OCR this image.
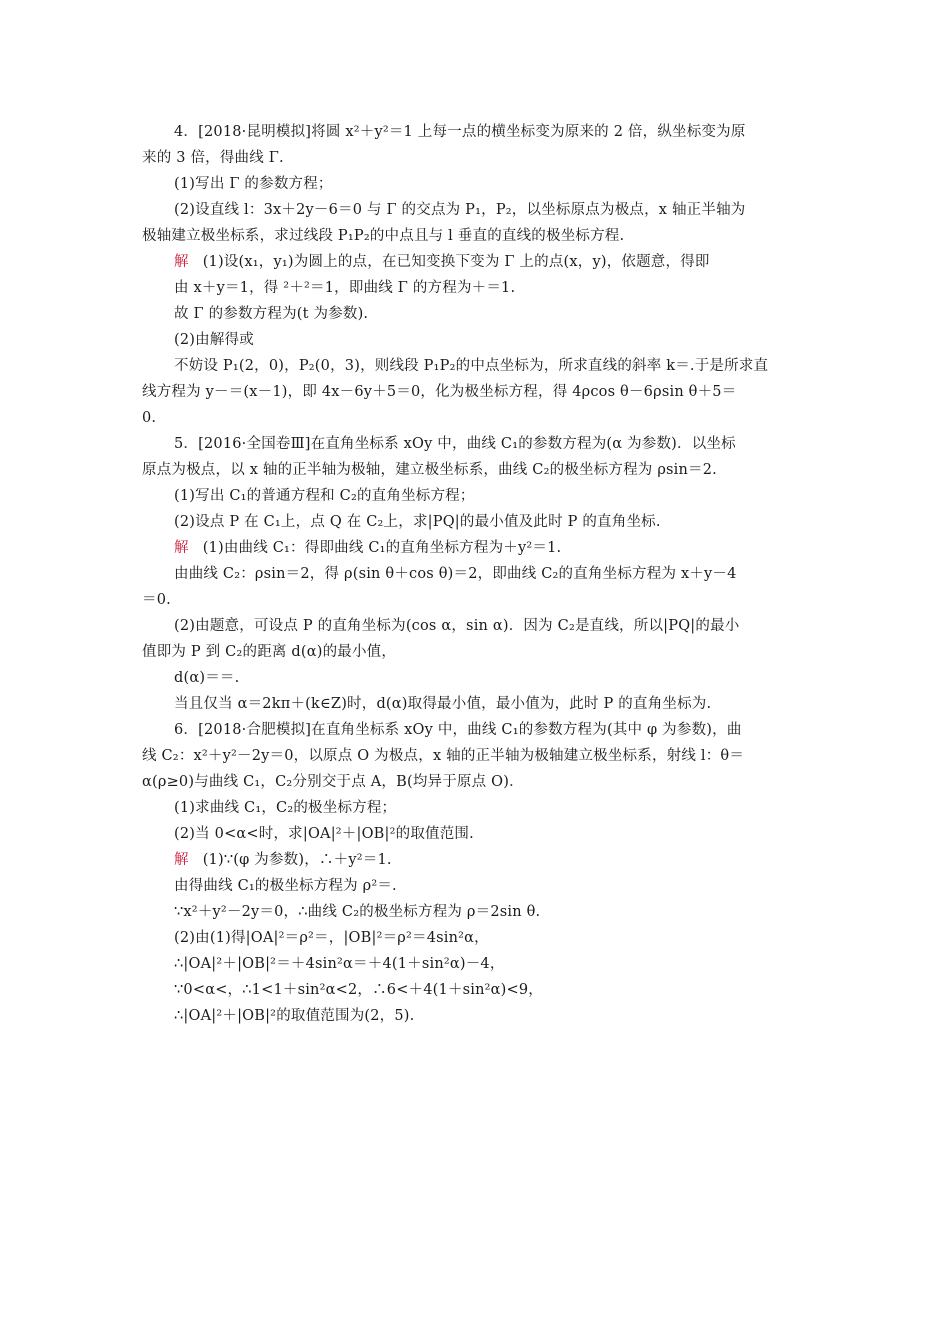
4．[2018·昆明模拟]将圆 x²＋y²＝1 上每一点的横坐标变为原来的 2 倍，纵坐标变为原
来的 3 倍，得曲线 Γ.
(1)写出 Γ 的参数方程；
(2)设直线 l：3x＋2y－6＝0 与 Γ 的交点为 P₁，P₂，以坐标原点为极点，x 轴正半轴为
极轴建立极坐标系，求过线段 P₁P₂的中点且与 l 垂直的直线的极坐标方程.
解 (1)设(x₁，y₁)为圆上的点，在已知变换下变为 Γ 上的点(x，y)，依题意，得即
由 x＋y＝1，得 ²＋²＝1，即曲线 Γ 的方程为＋＝1.
故 Γ 的参数方程为(t 为参数).
(2)由解得或
不妨设 P₁(2，0)，P₂(0，3)，则线段 P₁P₂的中点坐标为，所求直线的斜率 k＝.于是所求直
线方程为 y－＝(x－1)，即 4x－6y＋5＝0，化为极坐标方程，得 4ρcos θ－6ρsin θ＋5＝
0.
5．[2016·全国卷Ⅲ]在直角坐标系 xOy 中，曲线 C₁的参数方程为(α 为参数)．以坐标
原点为极点，以 x 轴的正半轴为极轴，建立极坐标系，曲线 C₂的极坐标方程为 ρsin＝2.
(1)写出 C₁的普通方程和 C₂的直角坐标方程；
(2)设点 P 在 C₁上，点 Q 在 C₂上，求|PQ|的最小值及此时 P 的直角坐标.
解 (1)由曲线 C₁：得即曲线 C₁的直角坐标方程为＋y²＝1.
由曲线 C₂：ρsin＝2，得 ρ(sin θ＋cos θ)＝2，即曲线 C₂的直角坐标方程为 x＋y－4
＝0.
(2)由题意，可设点 P 的直角坐标为(cos α，sin α)．因为 C₂是直线，所以|PQ|的最小
值即为 P 到 C₂的距离 d(α)的最小值，
d(α)＝＝.
当且仅当 α＝2kπ＋(k∈Z)时，d(α)取得最小值，最小值为，此时 P 的直角坐标为.
6．[2018·合肥模拟]在直角坐标系 xOy 中，曲线 C₁的参数方程为(其中 φ 为参数)，曲
线 C₂：x²＋y²－2y＝0，以原点 O 为极点，x 轴的正半轴为极轴建立极坐标系，射线 l：θ＝
α(ρ≥0)与曲线 C₁，C₂分别交于点 A，B(均异于原点 O)．
(1)求曲线 C₁，C₂的极坐标方程；
(2)当 0<α<时，求|OA|²＋|OB|²的取值范围.
解 (1)∵(φ 为参数)，∴＋y²＝1.
由得曲线 C₁的极坐标方程为 ρ²＝.
∵x²＋y²－2y＝0，∴曲线 C₂的极坐标方程为 ρ＝2sin θ.
(2)由(1)得|OA|²＝ρ²＝，|OB|²＝ρ²＝4sin²α，
∴|OA|²＋|OB|²＝＋4sin²α＝＋4(1＋sin²α)－4，
∵0<α<，∴1<1＋sin²α<2，∴6<＋4(1＋sin²α)<9，
∴|OA|²＋|OB|²的取值范围为(2，5).
